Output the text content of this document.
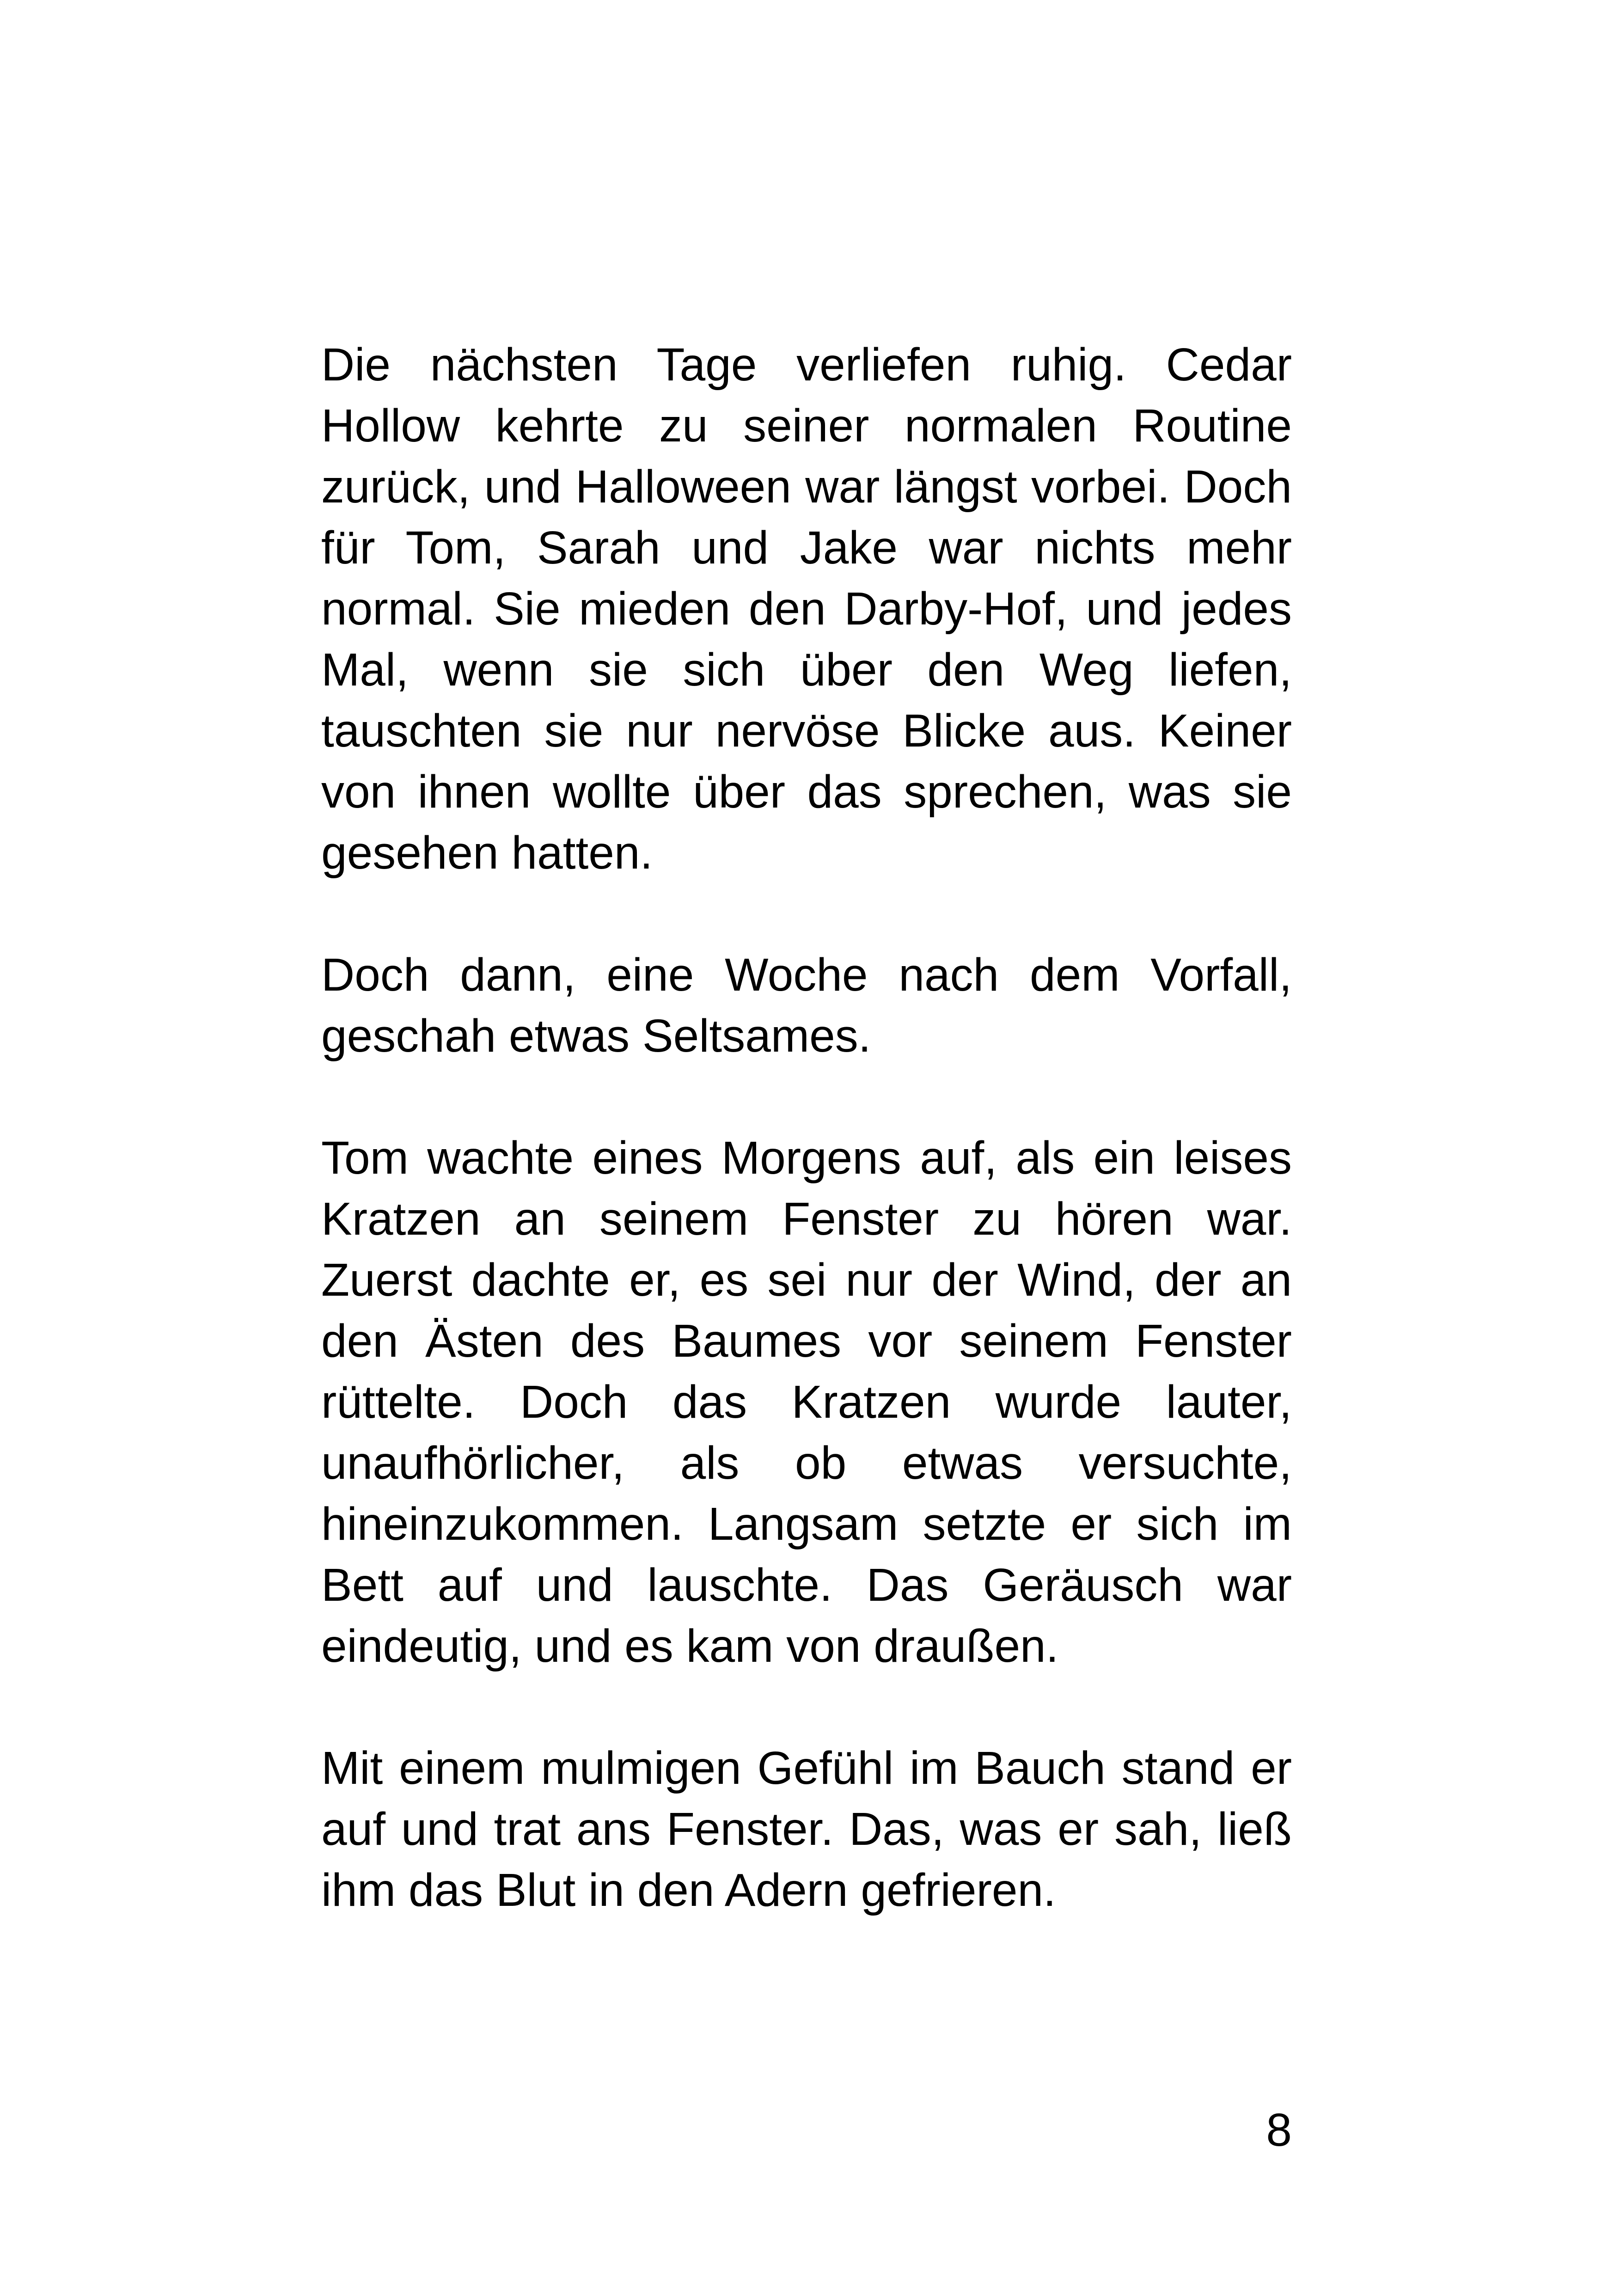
Die nächsten Tage verliefen ruhig. Cedar
Hollow kehrte zu seiner normalen Routine
zurück, und Halloween war längst vorbei. Doch
für Tom, Sarah und Jake war nichts mehr
normal. Sie mieden den Darby-Hof, und jedes
Mal, wenn sie sich über den Weg liefen,
tauschten sie nur nervöse Blicke aus. Keiner
von ihnen wollte über das sprechen, was sie
gesehen hatten.
Doch dann, eine Woche nach dem Vorfall,
geschah etwas Seltsames.
Tom wachte eines Morgens auf, als ein leises
Kratzen an seinem Fenster zu hören war.
Zuerst dachte er, es sei nur der Wind, der an
den Ästen des Baumes vor seinem Fenster
rüttelte. Doch das Kratzen wurde lauter,
unaufhörlicher, als ob etwas versuchte,
hineinzukommen. Langsam setzte er sich im
Bett auf und lauschte. Das Geräusch war
eindeutig, und es kam von draußen.
Mit einem mulmigen Gefühl im Bauch stand er
auf und trat ans Fenster. Das, was er sah, ließ
ihm das Blut in den Adern gefrieren.
8
